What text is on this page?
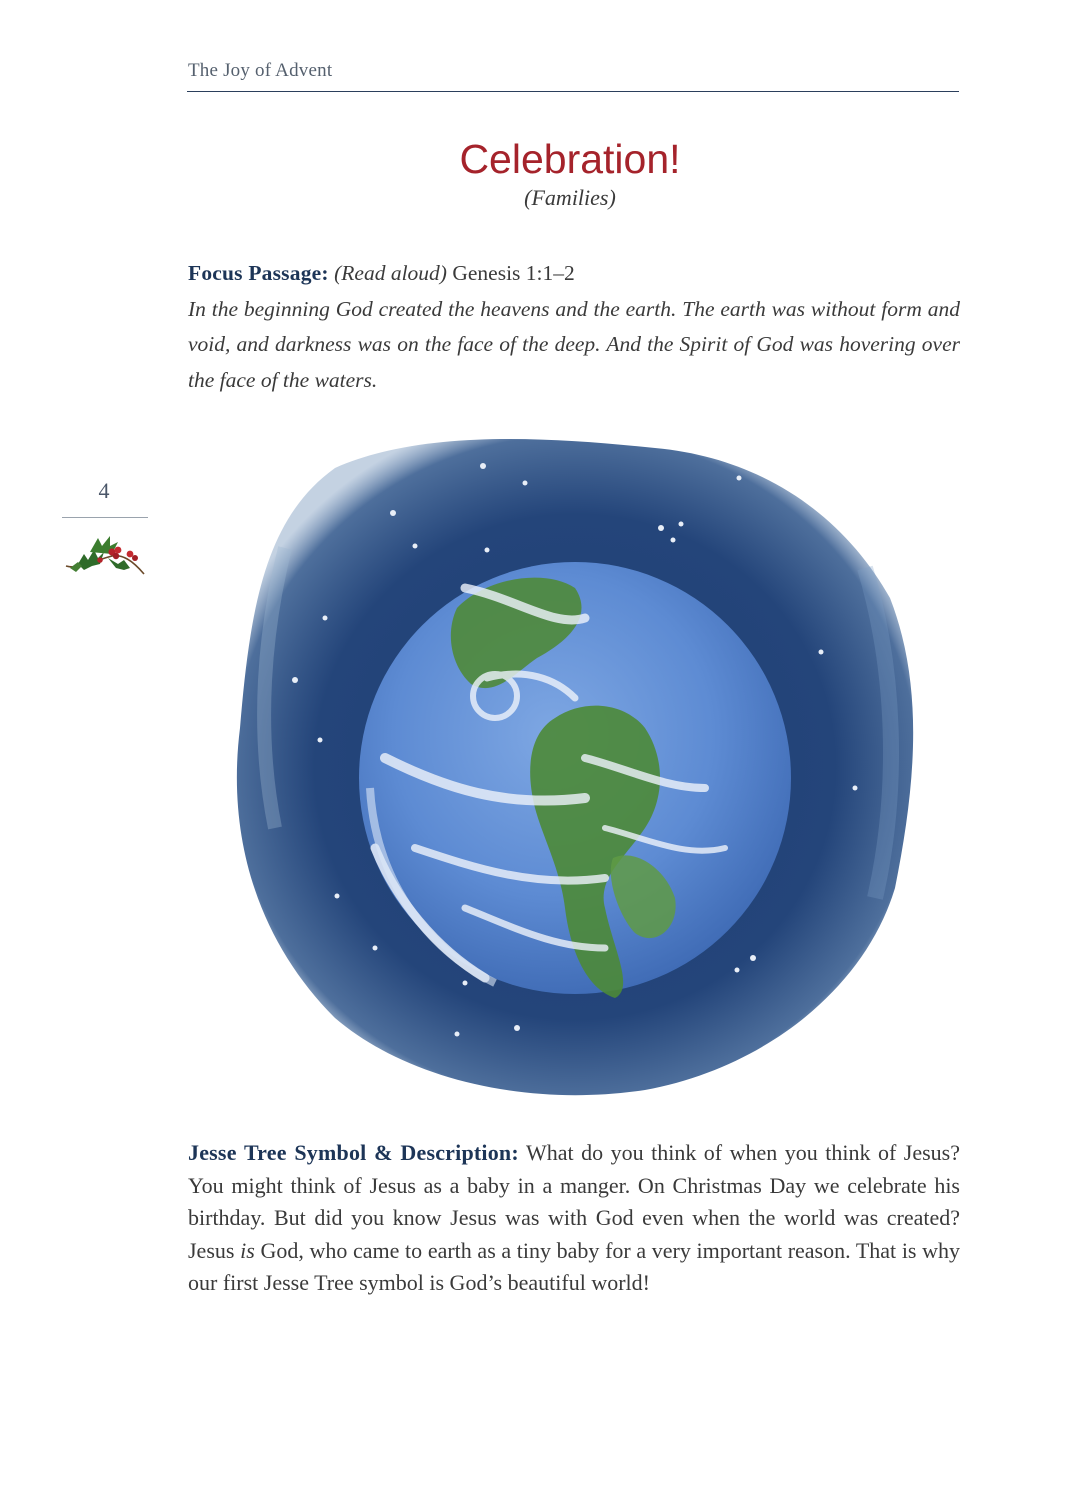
The Joy of Advent
Celebration!
(Families)
Focus Passage: (Read aloud) Genesis 1:1–2
In the beginning God created the heavens and the earth. The earth was without form and void, and darkness was on the face of the deep. And the Spirit of God was hovering over the face of the waters.
4
Jesse Tree Symbol & Description: What do you think of when you think of Jesus? You might think of Jesus as a baby in a manger. On Christmas Day we celebrate his birthday. But did you know Jesus was with God even when the world was created? Jesus is God, who came to earth as a tiny baby for a very important reason. That is why our first Jesse Tree symbol is God’s beautiful world!
